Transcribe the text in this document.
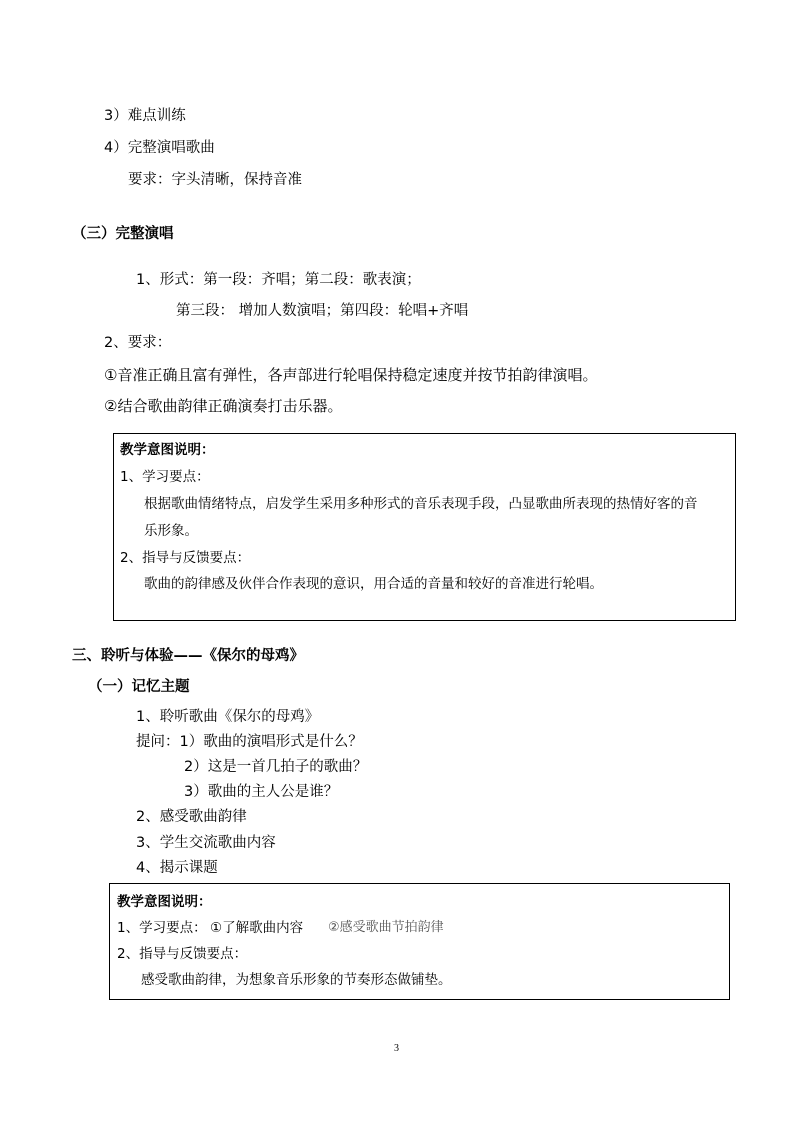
3）难点训练
4）完整演唱歌曲
要求：字头清晰，保持音准
（三）完整演唱
1、形式：第一段：齐唱；第二段：歌表演；
第三段： 增加人数演唱；第四段：轮唱+齐唱
2、要求：
①音准正确且富有弹性，各声部进行轮唱保持稳定速度并按节拍韵律演唱。
②结合歌曲韵律正确演奏打击乐器。
教学意图说明：
1、学习要点：
根据歌曲情绪特点，启发学生采用多种形式的音乐表现手段，凸显歌曲所表现的热情好客的音
乐形象。
2、指导与反馈要点：
歌曲的韵律感及伙伴合作表现的意识，用合适的音量和较好的音准进行轮唱。
三、聆听与体验——《保尔的母鸡》
（一）记忆主题
1、聆听歌曲《保尔的母鸡》
提问：1）歌曲的演唱形式是什么？
2）这是一首几拍子的歌曲？
3）歌曲的主人公是谁？
2、感受歌曲韵律
3、学生交流歌曲内容
4、揭示课题
教学意图说明：
1、学习要点： ①了解歌曲内容 ②感受歌曲节拍韵律
2、指导与反馈要点：
感受歌曲韵律，为想象音乐形象的节奏形态做铺垫。
3
